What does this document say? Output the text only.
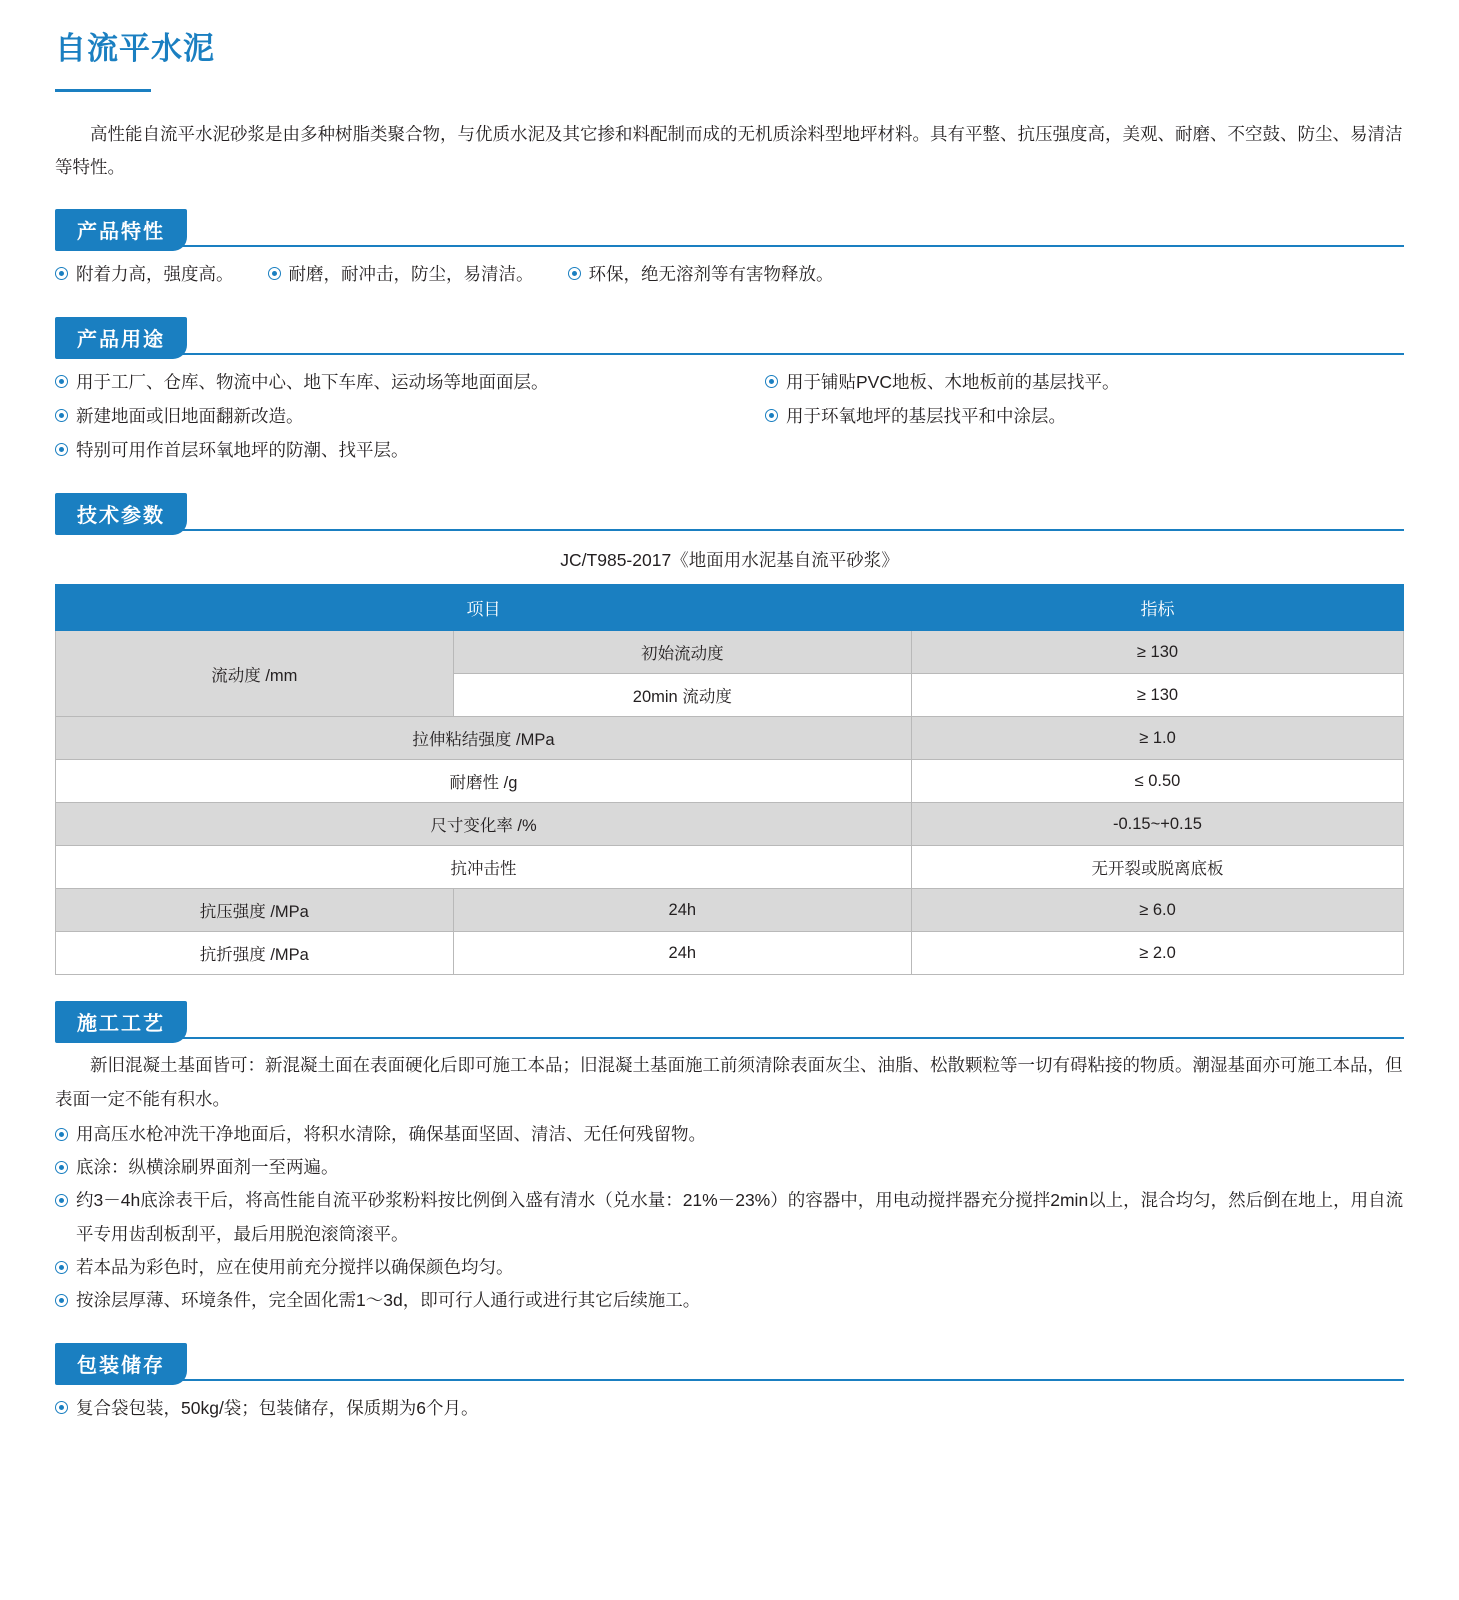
自流平水泥

高性能自流平水泥砂浆是由多种树脂类聚合物，与优质水泥及其它掺和料配制而成的无机质涂料型地坪材料。具有平整、抗压强度高，美观、耐磨、不空鼓、防尘、易清洁等特性。

产品特性
附着力高，强度高。	耐磨，耐冲击，防尘，易清洁。	环保，绝无溶剂等有害物释放。
产品用途
用于工厂、仓库、物流中心、地下车库、运动场等地面面层。	用于铺贴PVC地板、木地板前的基层找平。
新建地面或旧地面翻新改造。	用于环氧地坪的基层找平和中涂层。
特别可用作首层环氧地坪的防潮、找平层。
技术参数
JC/T985-2017《地面用水泥基自流平砂浆》
项目		指标
流动度 /mm	初始流动度	≥ 130
	20min 流动度	≥ 130
拉伸粘结强度 /MPa		≥ 1.0
耐磨性 /g		≤ 0.50
尺寸变化率 /%		-0.15~+0.15
抗冲击性		无开裂或脱离底板
抗压强度 /MPa	24h	≥ 6.0
抗折强度 /MPa	24h	≥ 2.0
施工工艺

新旧混凝土基面皆可：新混凝土面在表面硬化后即可施工本品；旧混凝土基面施工前须清除表面灰尘、油脂、松散颗粒等一切有碍粘接的物质。潮湿基面亦可施工本品，但表面一定不能有积水。

用高压水枪冲洗干净地面后，将积水清除，确保基面坚固、清洁、无任何残留物。
底涂：纵横涂刷界面剂一至两遍。
约3－4h底涂表干后，将高性能自流平砂浆粉料按比例倒入盛有清水（兑水量：21%－23%）的容器中，用电动搅拌器充分搅拌2min以上，混合均匀，然后倒在地上，用自流平专用齿刮板刮平，最后用脱泡滚筒滚平。
若本品为彩色时，应在使用前充分搅拌以确保颜色均匀。
按涂层厚薄、环境条件，完全固化需1～3d，即可行人通行或进行其它后续施工。
包装储存
复合袋包装，50kg/袋；包装储存，保质期为6个月。
